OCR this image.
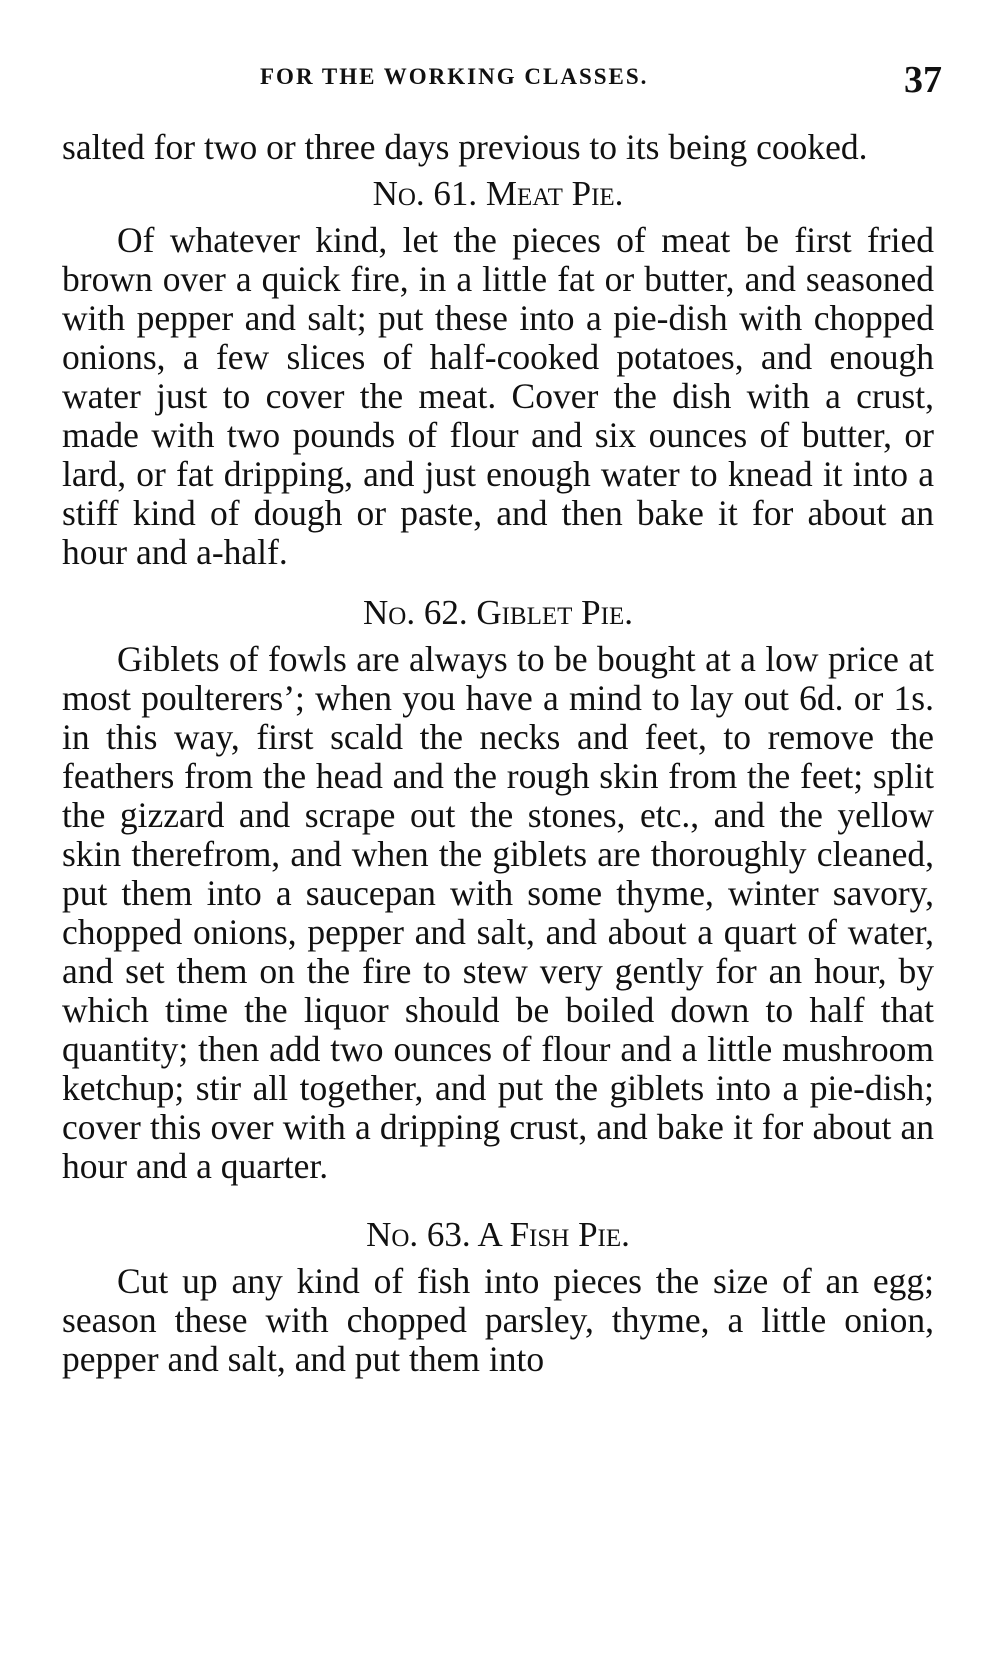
FOR THE WORKING CLASSES.	37

salted for two or three days previous to its being cooked.

No. 61. Meat Pie.

Of whatever kind, let the pieces of meat be first fried brown over a quick fire, in a little fat or butter, and seasoned with pepper and salt; put these into a pie-dish with chopped onions, a few slices of half-cooked potatoes, and enough water just to cover the meat. Cover the dish with a crust, made with two pounds of flour and six ounces of butter, or lard, or fat dripping, and just enough water to knead it into a stiff kind of dough or paste, and then bake it for about an hour and a-half.

No. 62. Giblet Pie.

Giblets of fowls are always to be bought at a low price at most poulterers’; when you have a mind to lay out 6d. or 1s. in this way, first scald the necks and feet, to remove the feathers from the head and the rough skin from the feet; split the gizzard and scrape out the stones, etc., and the yellow skin therefrom, and when the giblets are thoroughly cleaned, put them into a saucepan with some thyme, winter savory, chopped onions, pepper and salt, and about a quart of water, and set them on the fire to stew very gently for an hour, by which time the liquor should be boiled down to half that quantity; then add two ounces of flour and a little mushroom ketchup; stir all together, and put the giblets into a pie-dish; cover this over with a dripping crust, and bake it for about an hour and a quarter.

No. 63. A Fish Pie.

Cut up any kind of fish into pieces the size of an egg; season these with chopped parsley, thyme, a little onion, pepper and salt, and put them into
